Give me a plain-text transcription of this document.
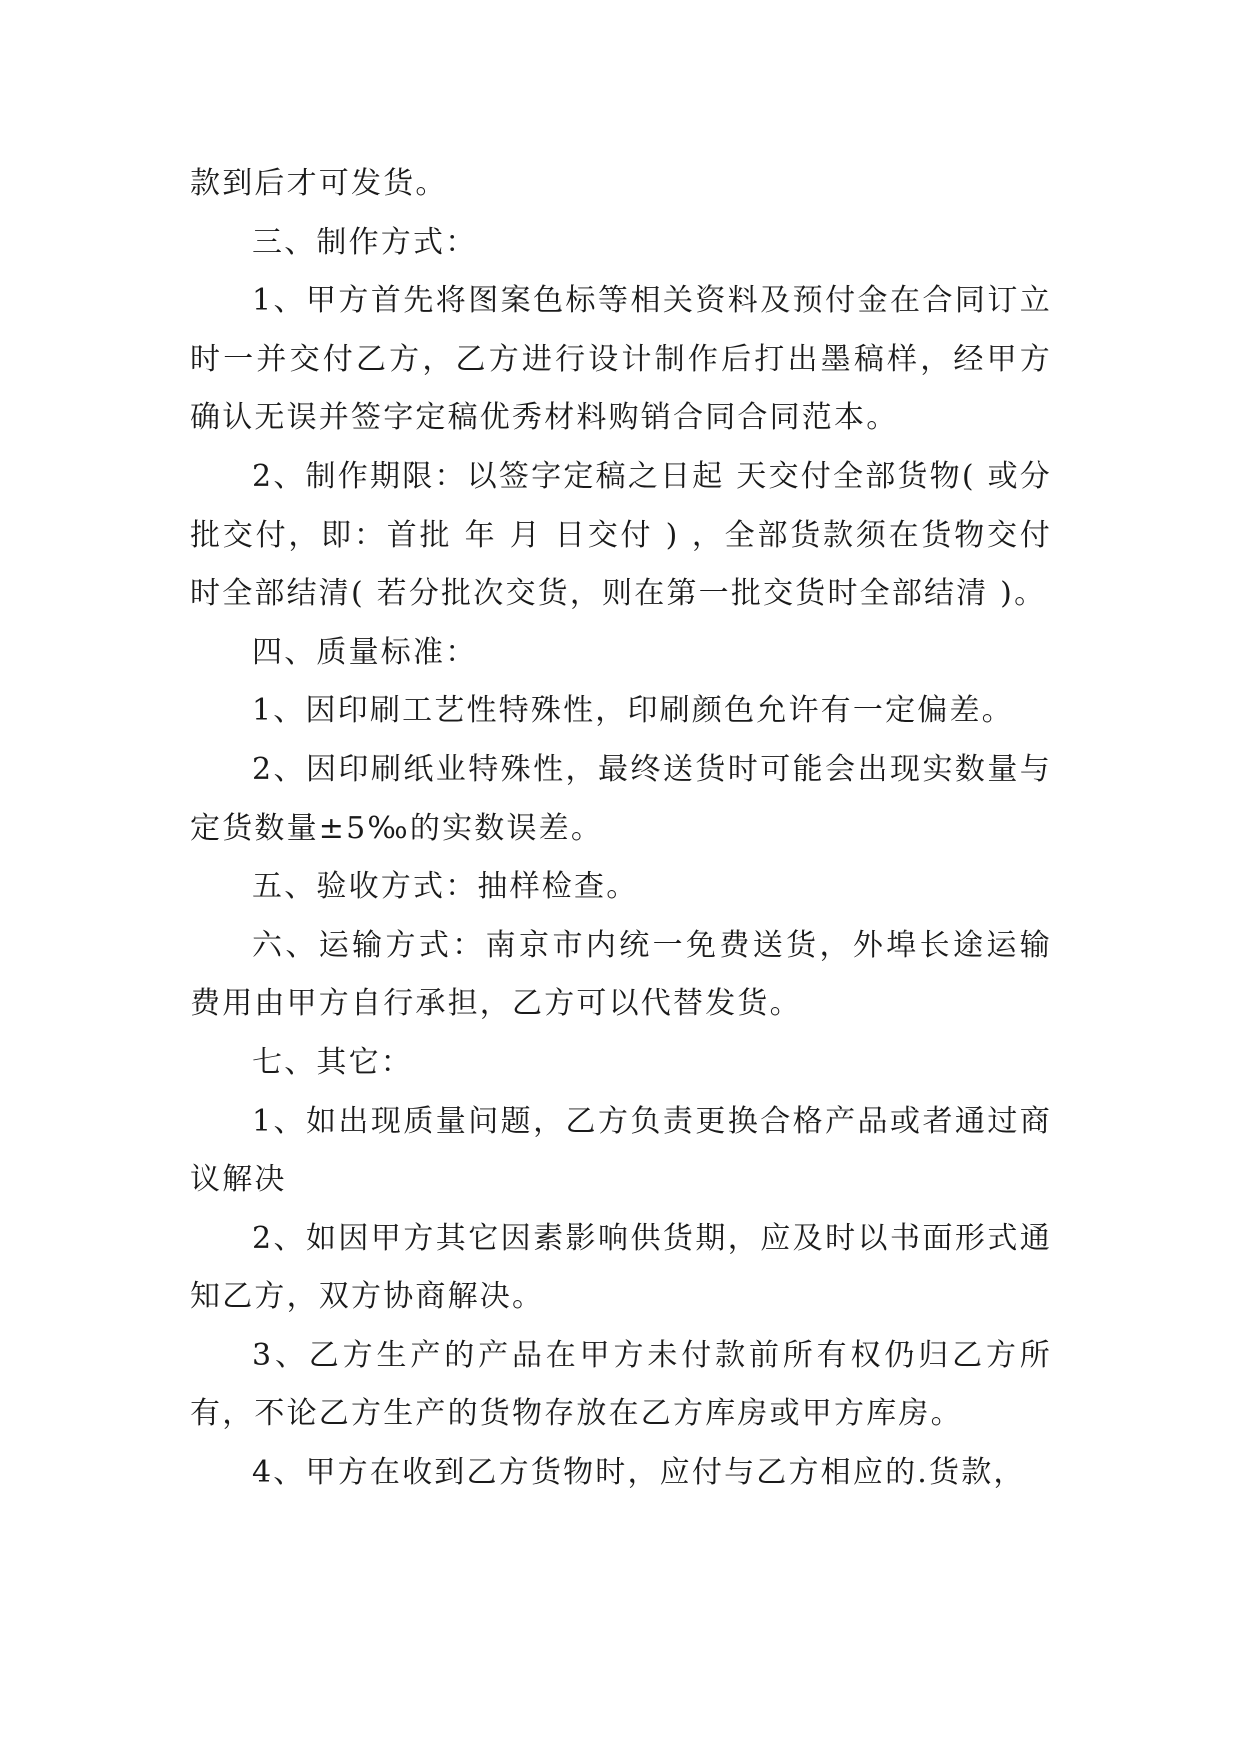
款到后才可发货。

三、制作方式：

1、甲方首先将图案色标等相关资料及预付金在合同订立时一并交付乙方，乙方进行设计制作后打出墨稿样，经甲方确认无误并签字定稿优秀材料购销合同合同范本。

2、制作期限：以签字定稿之日起 天交付全部货物( 或分批交付，即：首批 年 月 日交付 ) ，全部货款须在货物交付时全部结清( 若分批次交货，则在第一批交货时全部结清 )。

四、质量标准：

1、因印刷工艺性特殊性，印刷颜色允许有一定偏差。

2、因印刷纸业特殊性，最终送货时可能会出现实数量与定货数量±5‰的实数误差。

五、验收方式：抽样检查。

六、运输方式：南京市内统一免费送货，外埠长途运输费用由甲方自行承担，乙方可以代替发货。

七、其它：

1、如出现质量问题，乙方负责更换合格产品或者通过商议解决

2、如因甲方其它因素影响供货期，应及时以书面形式通知乙方，双方协商解决。

3、乙方生产的产品在甲方未付款前所有权仍归乙方所有，不论乙方生产的货物存放在乙方库房或甲方库房。

4、甲方在收到乙方货物时，应付与乙方相应的.货款，
